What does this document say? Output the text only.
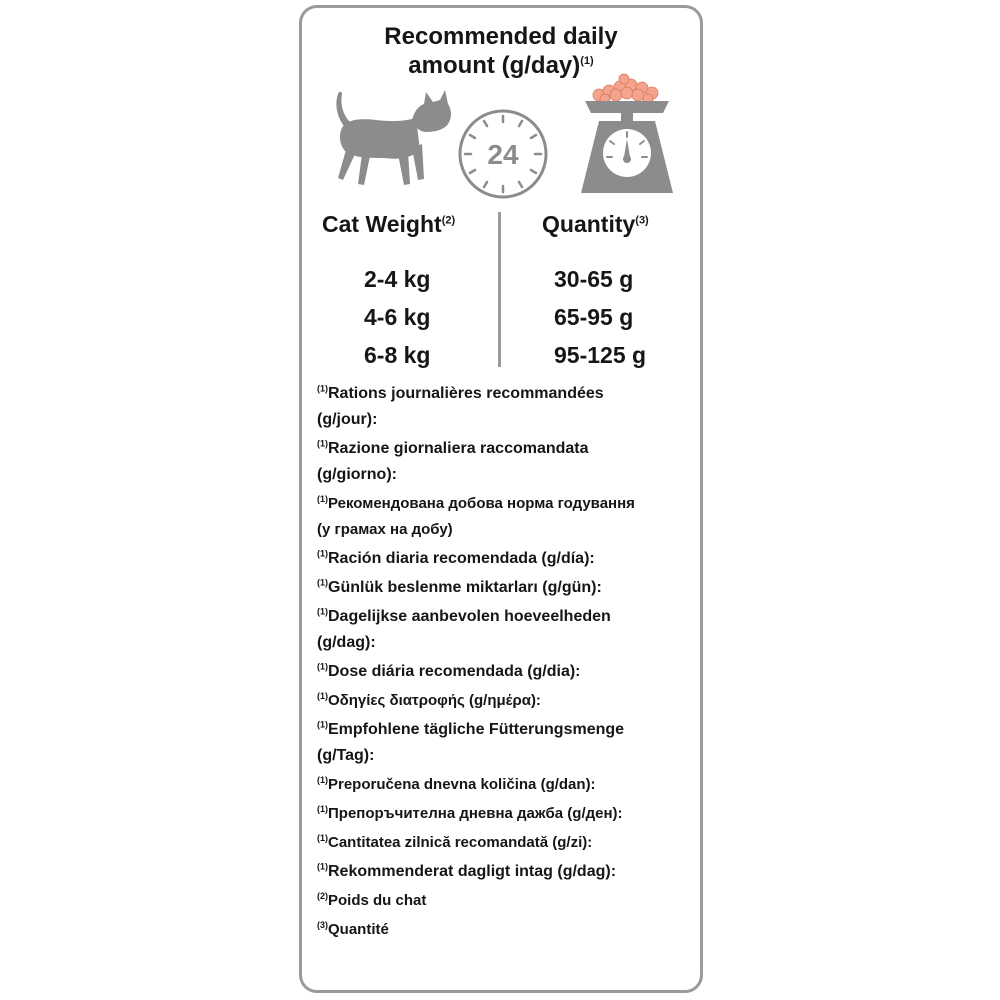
Recommended daily
amount $(g/day)^{(1)}$
24
Cat Weight$^{(2)}$	Quantity$^{(3)}$
2-4 kg
4-6 kg
6-8 kg
30-65 g
65-95 g
95-125 g
$^{(1)}$Rations journalières recommandées
(g/jour):
$^{(1)}$Razione giornaliera raccomandata
(g/giorno):
$^{(1)}$Рекомендована добова норма годування
(у грамах на добу)
$^{(1)}$Ración diaria recomendada (g/día):
$^{(1)}$Günlük beslenme miktarları (g/gün):
$^{(1)}$Dagelijkse aanbevolen hoeveelheden
(g/dag):
$^{(1)}$Dose diária recomendada (g/dia):
$^{(1)}$Οδηγίες διατροφής (g/ημέρα):
$^{(1)}$Empfohlene tägliche Fütterungsmenge
(g/Tag):
$^{(1)}$Preporučena dnevna količina (g/dan):
$^{(1)}$Препоръчителна дневна дажба (g/ден):
$^{(1)}$Cantitatea zilnică recomandată (g/zi):
$^{(1)}$Rekommenderat dagligt intag (g/dag):
$^{(2)}$Poids du chat
$^{(3)}$Quantité
